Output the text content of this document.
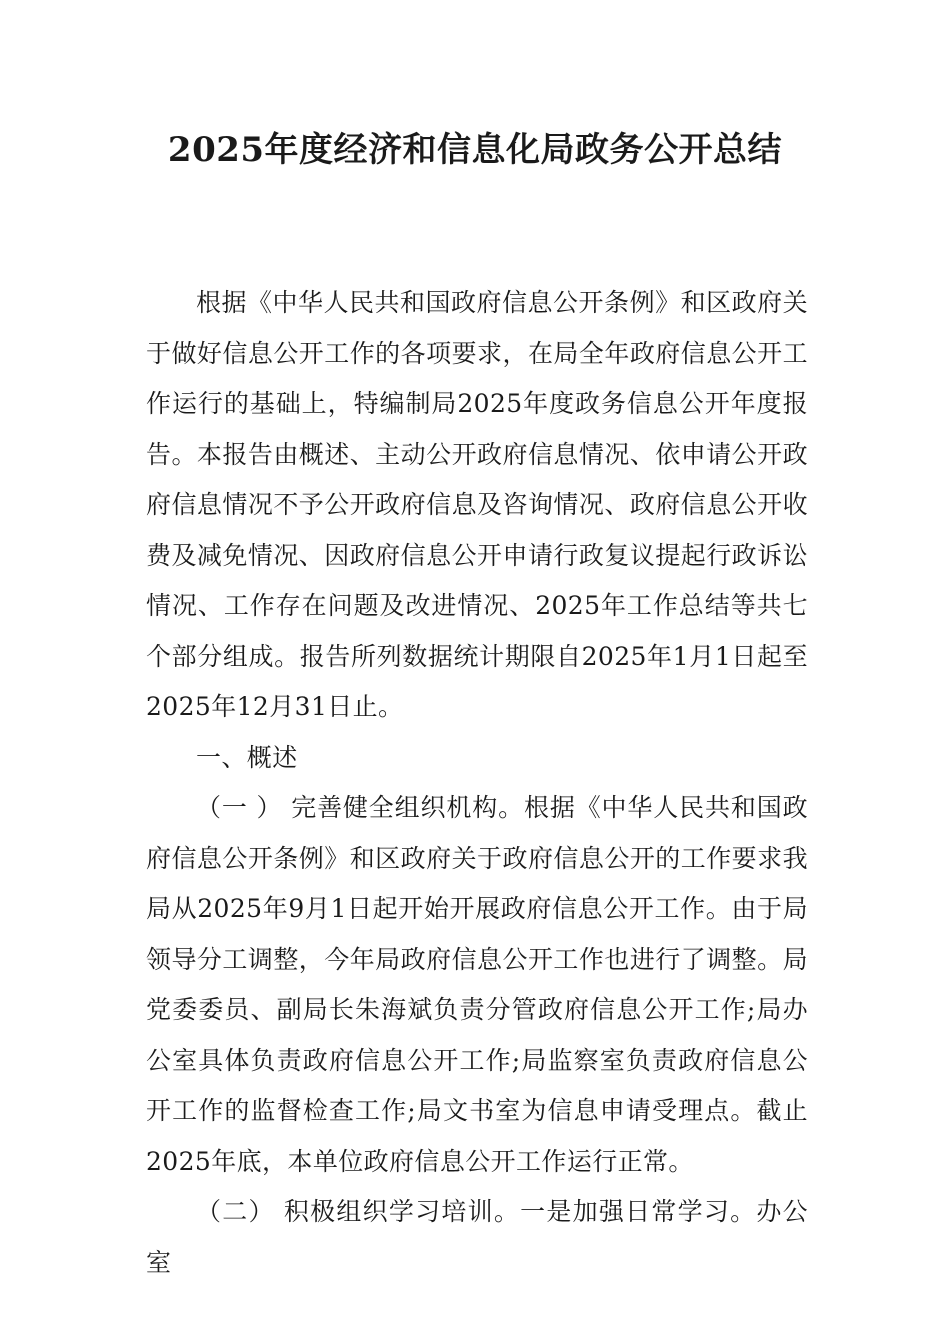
2025年度经济和信息化局政务公开总结

根据《中华人民共和国政府信息公开条例》和区政府关于做好信息公开工作的各项要求，在局全年政府信息公开工作运行的基础上，特编制局2025年度政务信息公开年度报告。本报告由概述、主动公开政府信息情况、依申请公开政府信息情况不予公开政府信息及咨询情况、政府信息公开收费及减免情况、因政府信息公开申请行政复议提起行政诉讼情况、工作存在问题及改进情况、2025年工作总结等共七个部分组成。报告所列数据统计期限自2025年1月1日起至2025年12月31日止。

一、概述

（一 ） 完善健全组织机构。根据《中华人民共和国政府信息公开条例》和区政府关于政府信息公开的工作要求我局从2025年9月1日起开始开展政府信息公开工作。由于局领导分工调整，今年局政府信息公开工作也进行了调整。局党委委员、副局长朱海斌负责分管政府信息公开工作;局办公室具体负责政府信息公开工作;局监察室负责政府信息公开工作的监督检查工作;局文书室为信息申请受理点。截止2025年底，本单位政府信息公开工作运行正常。

（二） 积极组织学习培训。一是加强日常学习。办公室
